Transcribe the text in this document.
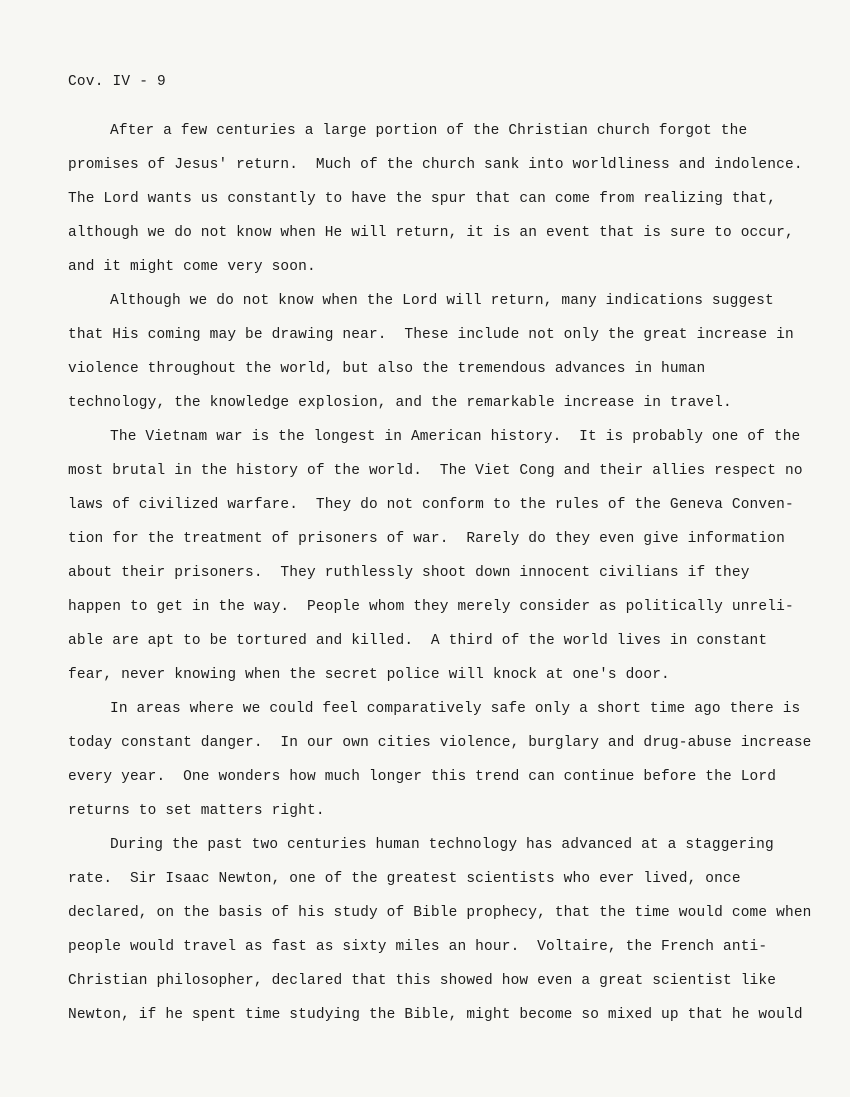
Cov. IV - 9
After a few centuries a large portion of the Christian church forgot the
promises of Jesus' return.  Much of the church sank into worldliness and indolence.
The Lord wants us constantly to have the spur that can come from realizing that,
although we do not know when He will return, it is an event that is sure to occur,
and it might come very soon.
Although we do not know when the Lord will return, many indications suggest
that His coming may be drawing near.  These include not only the great increase in
violence throughout the world, but also the tremendous advances in human
technology, the knowledge explosion, and the remarkable increase in travel.
The Vietnam war is the longest in American history.  It is probably one of the
most brutal in the history of the world.  The Viet Cong and their allies respect no
laws of civilized warfare.  They do not conform to the rules of the Geneva Conven-
tion for the treatment of prisoners of war.  Rarely do they even give information
about their prisoners.  They ruthlessly shoot down innocent civilians if they
happen to get in the way.  People whom they merely consider as politically unreli-
able are apt to be tortured and killed.  A third of the world lives in constant
fear, never knowing when the secret police will knock at one's door.
In areas where we could feel comparatively safe only a short time ago there is
today constant danger.  In our own cities violence, burglary and drug-abuse increase
every year.  One wonders how much longer this trend can continue before the Lord
returns to set matters right.
During the past two centuries human technology has advanced at a staggering
rate.  Sir Isaac Newton, one of the greatest scientists who ever lived, once
declared, on the basis of his study of Bible prophecy, that the time would come when
people would travel as fast as sixty miles an hour.  Voltaire, the French anti-
Christian philosopher, declared that this showed how even a great scientist like
Newton, if he spent time studying the Bible, might become so mixed up that he would
